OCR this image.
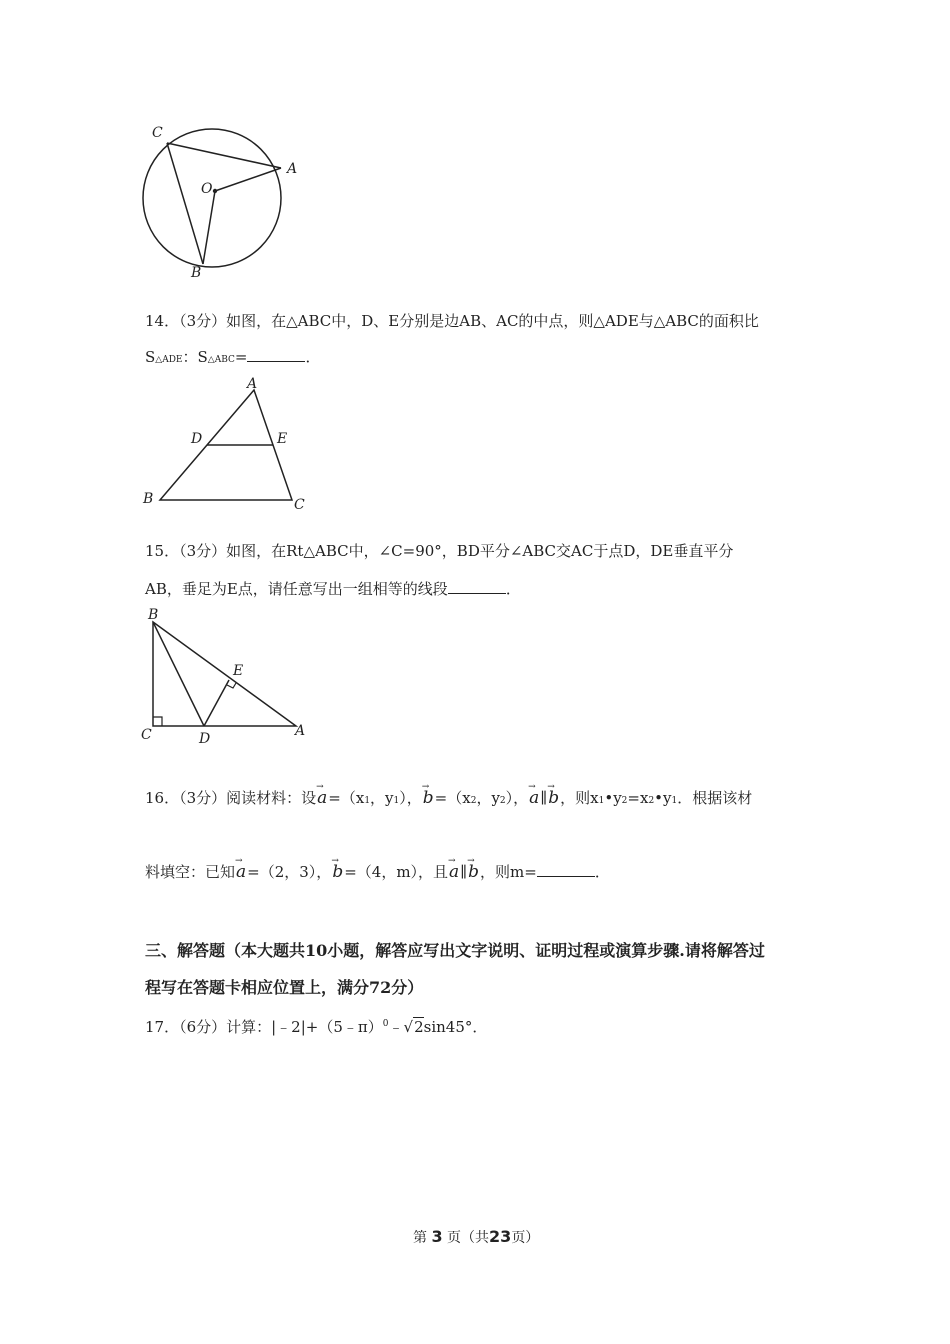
C
A
O
B
14．（3分）如图，在△ABC中，D、E分别是边AB、AC的中点，则△ADE与△ABC的面积比
S△ADE：S△ABC=	．
A
D	E
B	C
15．（3分）如图，在Rt△ABC中，∠C=90°，BD平分∠ABC交AC于点D，DE垂直平分
AB，垂足为E点，请任意写出一组相等的线段	．
B
E
C	D	A
16．（3分）阅读材料：设→ a=（x1，y1），→ b=（x2，y2），→ a∥→ b，则x1•y2=x2•y1．根据该材
料填空：已知→ a=（2，3），→ b=（4，m），且→ a∥→ b，则m=	．
三、解答题（本大题共10小题，解答应写出文字说明、证明过程或演算步骤.请将解答过
程写在答题卡相应位置上，满分72分）
17．（6分）计算：|﹣2|+（5﹣π）$^0$﹣√2sin45°．
第 3 页（共23页）
